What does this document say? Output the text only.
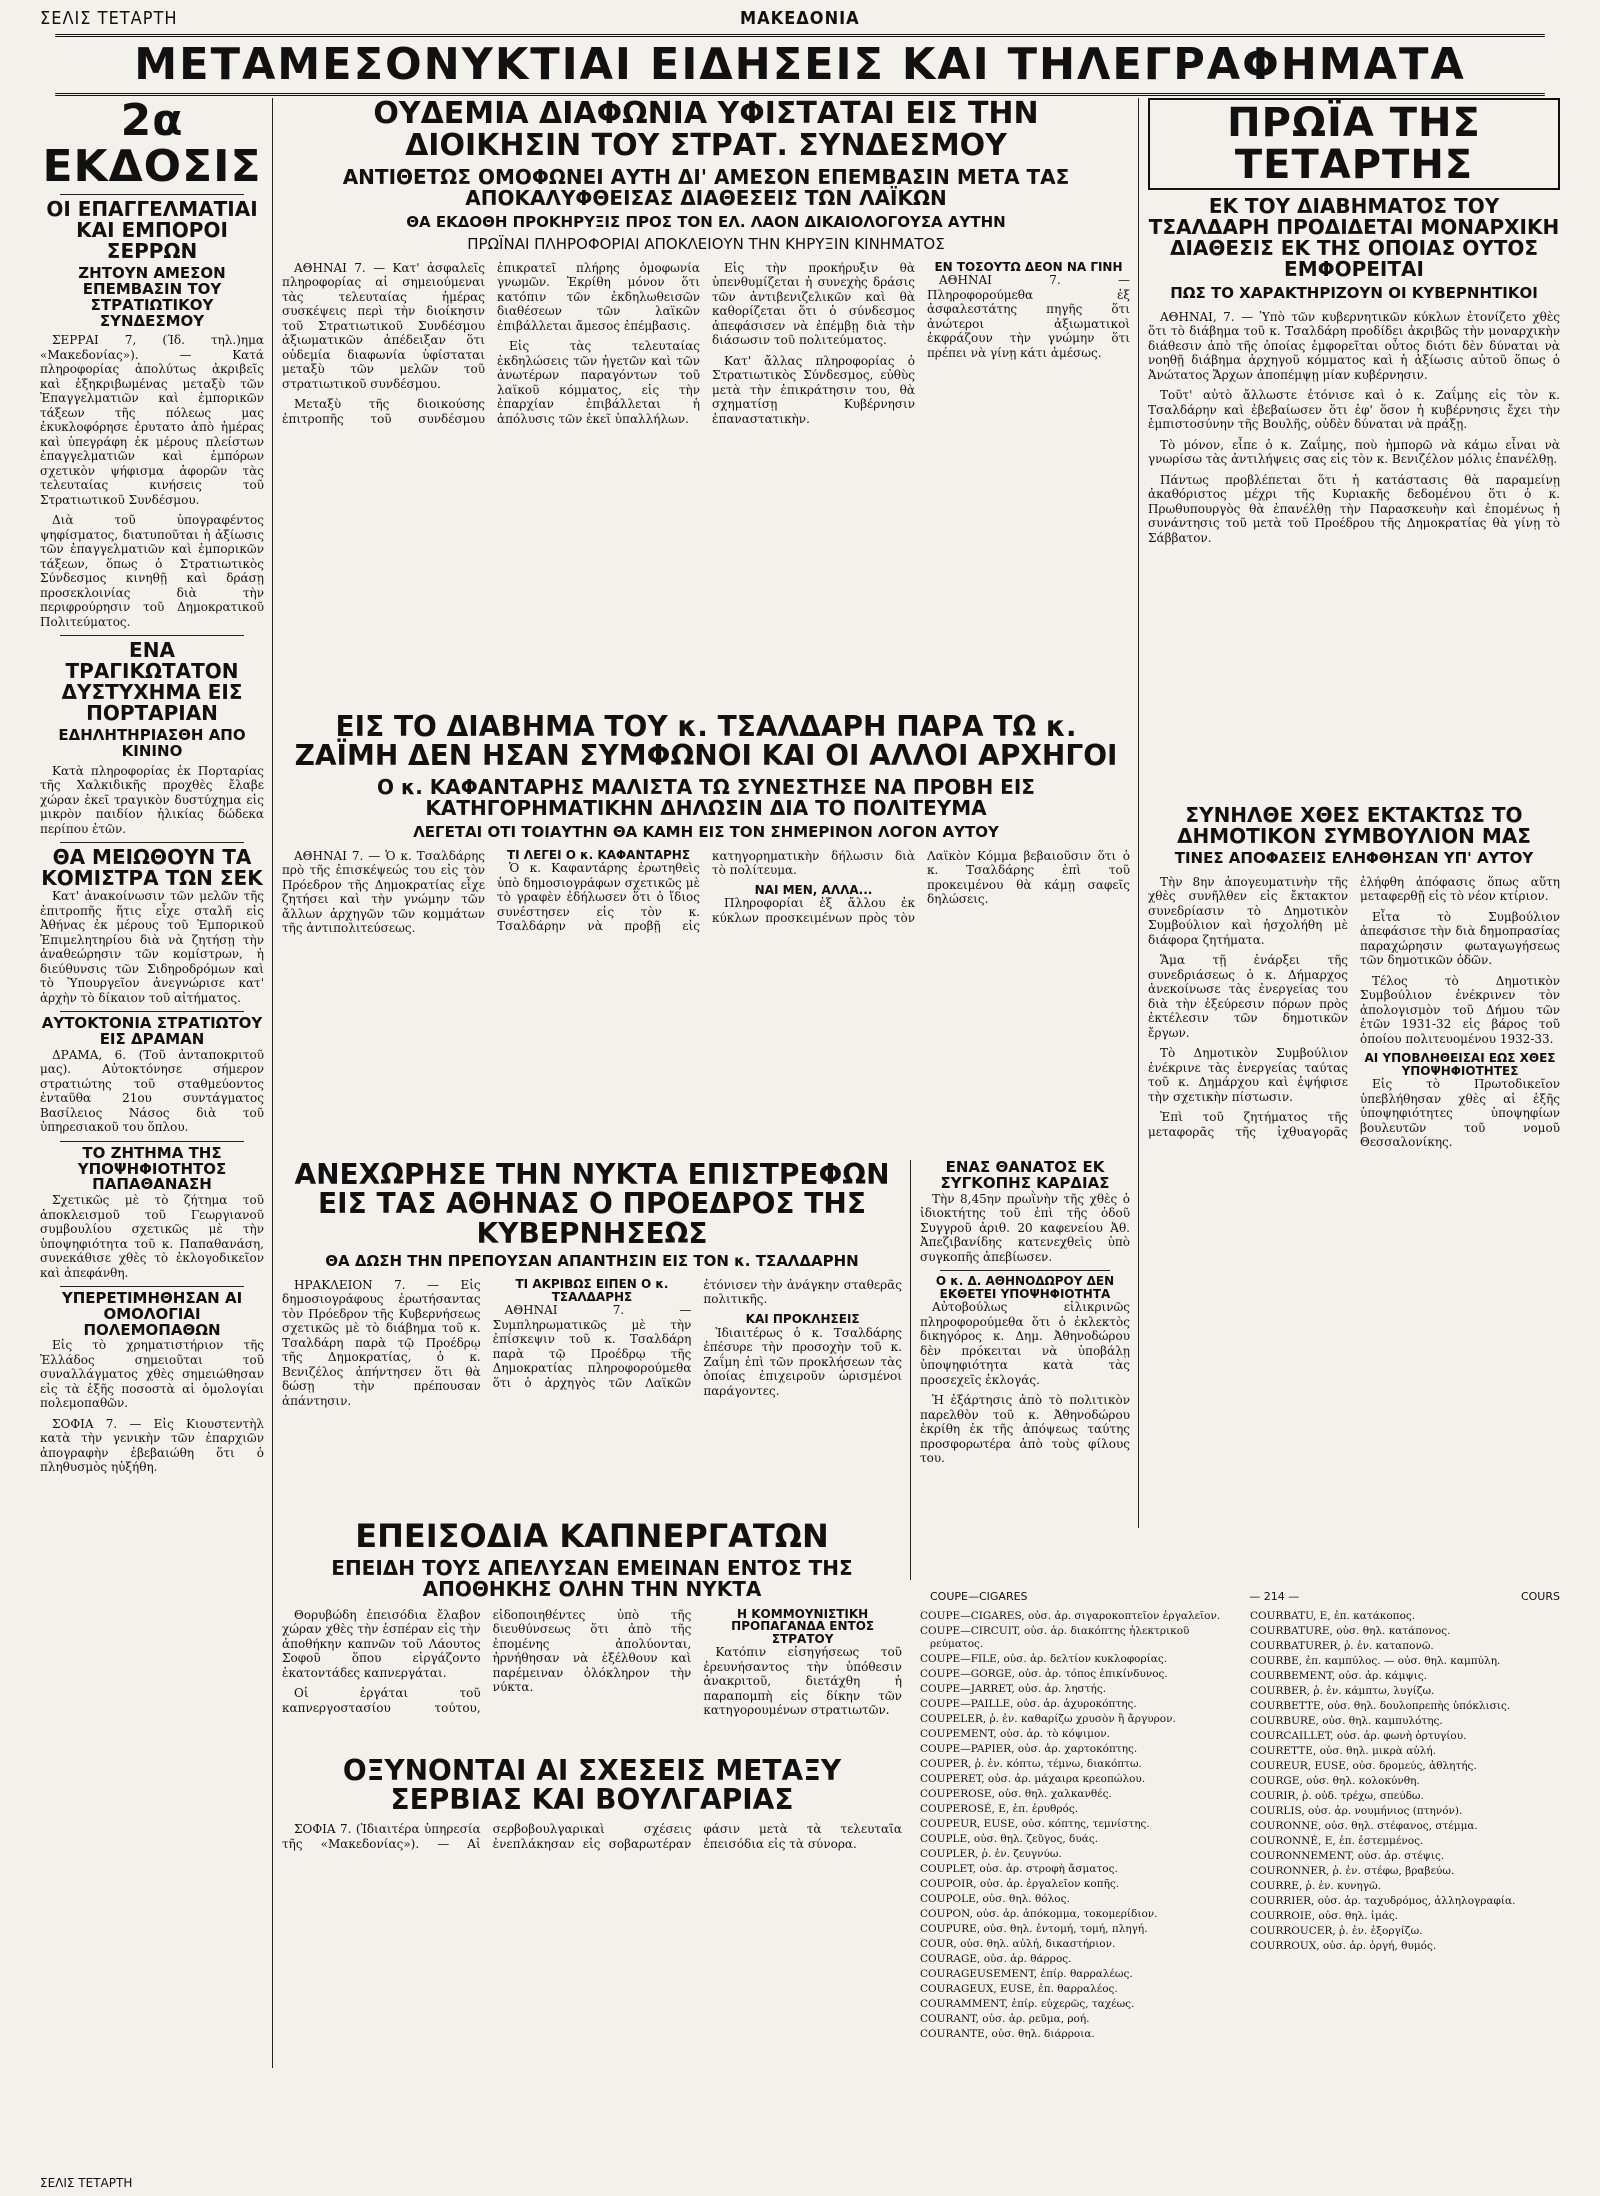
ΣΕΛΙΣ ΤΕΤΑΡΤΗ	ΜΑΚΕΔΟΝΙΑ
ΜΕΤΑΜΕΣΟΝΥΚΤΙΑΙ ΕΙΔΗΣΕΙΣ ΚΑΙ ΤΗΛΕΓΡΑΦΗΜΑΤΑ
2α ΕΚΔΟΣΙΣ
ΟΙ ΕΠΑΓΓΕΛΜΑΤΙΑΙ ΚΑΙ ΕΜΠΟΡΟΙ ΣΕΡΡΩΝ
ΖΗΤΟΥΝ ΑΜΕΣΟΝ ΕΠΕΜΒΑΣΙΝ ΤΟΥ ΣΤΡΑΤΙΩΤΙΚΟΥ ΣΥΝΔΕΣΜΟΥ

ΣΕΡΡΑΙ 7, (Ίδ. τηλ.)ημα «Μακεδονίας»). — Κατά πληροφορίας ἀπολύτως ἀκριβεῖς καὶ ἐξηκριβωμένας μεταξὺ τῶν Ἐπαγγελματιῶν καὶ ἐμπορικῶν τάξεων τῆς πόλεως μας ἐκυκλοφόρησε ἐρυτατο ἀπὸ ἡμέρας καὶ ὑπεγράφη ἐκ μέρους πλείστων ἐπαγγελματιῶν καὶ ἐμπόρων σχετικὸν ψήφισμα ἀφορῶν τὰς τελευταίας κινήσεις τοῦ Στρατιωτικοῦ Συνδέσμου.

Διὰ τοῦ ὑπογραφέντος ψηφίσματος, διατυποῦται ἡ ἀξίωσις τῶν ἐπαγγελματιῶν καὶ ἐμπορικῶν τάξεων, ὅπως ὁ Στρατιωτικὸς Σύνδεσμος κινηθῇ καὶ δράσῃ προσεκλοινίας διὰ τὴν περιφρούρησιν τοῦ Δημοκρατικοῦ Πολιτεύματος.

ΕΝΑ ΤΡΑΓΙΚΩΤΑΤΟΝ ΔΥΣΤΥΧΗΜΑ ΕΙΣ ΠΟΡΤΑΡΙΑΝ
ΕΔΗΛΗΤΗΡΙΑΣΘΗ ΑΠΟ ΚΙΝΙΝΟ

Κατὰ πληροφορίας ἐκ Πορταρίας τῆς Χαλκιδικῆς προχθὲς ἔλαβε χώραν ἐκεῖ τραγικὸν δυστύχημα εἰς μικρὸν παιδίον ἡλικίας δώδεκα περίπου ἐτῶν.

ΘΑ ΜΕΙΩΘΟΥΝ ΤΑ ΚΟΜΙΣΤΡΑ ΤΩΝ ΣΕΚ

Κατ' ἀνακοίνωσιν τῶν μελῶν τῆς ἐπιτροπῆς ἥτις εἶχε σταλῆ εἰς Ἀθήνας ἐκ μέρους τοῦ Ἐμπορικοῦ Ἐπιμελητηρίου διὰ νὰ ζητήσῃ τὴν ἀναθεώρησιν τῶν κομίστρων, ἡ διεύθυνσις τῶν Σιδηροδρόμων καὶ τὸ Ὑπουργεῖον ἀνεγνώρισε κατ' ἀρχὴν τὸ δίκαιον τοῦ αἰτήματος.

ΑΥΤΟΚΤΟΝΙΑ ΣΤΡΑΤΙΩΤΟΥ ΕΙΣ ΔΡΑΜΑΝ

ΔΡΑΜΑ, 6. (Τοῦ ἀνταποκριτοῦ μας). Αὐτοκτόνησε σήμερον στρατιώτης τοῦ σταθμεύοντος ἐνταῦθα 21ου συντάγματος Βασίλειος Νάσος διὰ τοῦ ὑπηρεσιακοῦ του ὅπλου.

ΤΟ ΖΗΤΗΜΑ ΤΗΣ ΥΠΟΨΗΦΙΟΤΗΤΟΣ ΠΑΠΑΘΑΝΑΣΗ

Σχετικῶς μὲ τὸ ζήτημα τοῦ ἀποκλεισμοῦ τοῦ Γεωργιανοῦ συμβουλίου σχετικῶς μὲ τὴν ὑποψηφιότητα τοῦ κ. Παπαθανάση, συνεκάθισε χθὲς τὸ ἐκλογοδικεῖον καὶ ἀπεφάνθη.

ΥΠΕΡΕΤΙΜΗΘΗΣΑΝ ΑΙ ΟΜΟΛΟΓΙΑΙ ΠΟΛΕΜΟΠΑΘΩΝ

Εἰς τὸ χρηματιστήριον τῆς Ἐλλάδος σημειοῦται τοῦ συναλλάγματος χθὲς σημειώθησαν εἰς τὰ ἑξῆς ποσοστὰ αἱ ὁμολογίαι πολεμοπαθῶν.

ΣΟΦΙΑ 7. — Εἰς Κιουστεντὴλ κατὰ τὴν γενικὴν τῶν ἐπαρχιῶν ἀπογραφὴν ἐβεβαιώθη ὅτι ὁ πληθυσμὸς ηὐξήθη.

ΟΥΔΕΜΙΑ ΔΙΑΦΩΝΙΑ ΥΦΙΣΤΑΤΑΙ ΕΙΣ ΤΗΝ ΔΙΟΙΚΗΣΙΝ ΤΟΥ ΣΤΡΑΤ. ΣΥΝΔΕΣΜΟΥ
ΑΝΤΙΘΕΤΩΣ ΟΜΟΦΩΝΕΙ ΑΥΤΗ ΔΙ' ΑΜΕΣΟΝ ΕΠΕΜΒΑΣΙΝ ΜΕΤΑ ΤΑΣ ΑΠΟΚΑΛΥΦΘΕΙΣΑΣ ΔΙΑΘΕΣΕΙΣ ΤΩΝ ΛΑΪΚΩΝ
ΘΑ ΕΚΔΟΘΗ ΠΡΟΚΗΡΥΞΙΣ ΠΡΟΣ ΤΟΝ ΕΛ. ΛΑΟΝ ΔΙΚΑΙΟΛΟΓΟΥΣΑ ΑΥΤΗΝ
ΠΡΩΪΝΑΙ ΠΛΗΡΟΦΟΡΙΑΙ ΑΠΟΚΛΕΙΟΥΝ ΤΗΝ ΚΗΡΥΞΙΝ ΚΙΝΗΜΑΤΟΣ

ΑΘΗΝΑΙ 7. — Κατ' ἀσφαλεῖς πληροφορίας αἱ σημειούμεναι τὰς τελευταίας ἡμέρας συσκέψεις περὶ τὴν διοίκησιν τοῦ Στρατιωτικοῦ Συνδέσμου ἀξιωματικῶν ἀπέδειξαν ὅτι οὐδεμία διαφωνία ὑφίσταται μεταξὺ τῶν μελῶν τοῦ στρατιωτικοῦ συνδέσμου.

Μεταξὺ τῆς διοικούσης ἐπιτροπῆς τοῦ συνδέσμου ἐπικρατεῖ πλήρης ὁμοφωνία γνωμῶν. Ἐκρίθη μόνον ὅτι κατόπιν τῶν ἐκδηλωθεισῶν διαθέσεων τῶν λαϊκῶν ἐπιβάλλεται ἄμεσος ἐπέμβασις.

Εἰς τὰς τελευταίας ἐκδηλώσεις τῶν ἡγετῶν καὶ τῶν ἀνωτέρων παραγόντων τοῦ λαϊκοῦ κόμματος, εἰς τὴν ἐπαρχίαν ἐπιβάλλεται ἡ ἀπόλυσις τῶν ἐκεῖ ὑπαλλήλων.

Εἰς τὴν προκήρυξιν θὰ ὑπενθυμίζεται ἡ συνεχὴς δράσις τῶν ἀντιβενιζελικῶν καὶ θὰ καθορίζεται ὅτι ὁ σύνδεσμος ἀπεφάσισεν νὰ ἐπέμβῃ διὰ τὴν διάσωσιν τοῦ πολιτεύματος.

Κατ' ἄλλας πληροφορίας ὁ Στρατιωτικὸς Σύνδεσμος, εὐθὺς μετὰ τὴν ἐπικράτησιν του, θὰ σχηματίσῃ Κυβέρνησιν ἐπαναστατικὴν.

ΕΝ ΤΟΣΟΥΤΩ ΔΕΟΝ ΝΑ ΓΙΝΗ

ΑΘΗΝΑΙ 7. — Πληροφορούμεθα ἐξ ἀσφαλεστάτης πηγῆς ὅτι ἀνώτεροι ἀξιωματικοὶ ἐκφράζουν τὴν γνώμην ὅτι πρέπει νὰ γίνῃ κάτι ἀμέσως.

ΕΙΣ ΤΟ ΔΙΑΒΗΜΑ ΤΟΥ κ. ΤΣΑΛΔΑΡΗ ΠΑΡΑ ΤΩ κ. ΖΑΪΜΗ ΔΕΝ ΗΣΑΝ ΣΥΜΦΩΝΟΙ ΚΑΙ ΟΙ ΑΛΛΟΙ ΑΡΧΗΓΟΙ
Ο κ. ΚΑΦΑΝΤΑΡΗΣ ΜΑΛΙΣΤΑ ΤΩ ΣΥΝΕΣΤΗΣΕ ΝΑ ΠΡΟΒΗ ΕΙΣ ΚΑΤΗΓΟΡΗΜΑΤΙΚΗΝ ΔΗΛΩΣΙΝ ΔΙΑ ΤΟ ΠΟΛΙΤΕΥΜΑ
ΛΕΓΕΤΑΙ ΟΤΙ ΤΟΙΑΥΤΗΝ ΘΑ ΚΑΜΗ ΕΙΣ ΤΟΝ ΣΗΜΕΡΙΝΟΝ ΛΟΓΟΝ ΑΥΤΟΥ

ΑΘΗΝΑΙ 7. — Ὁ κ. Τσαλδάρης πρὸ τῆς ἐπισκέψεώς του εἰς τὸν Πρόεδρον τῆς Δημοκρατίας εἶχε ζητήσει καὶ τὴν γνώμην τῶν ἄλλων ἀρχηγῶν τῶν κομμάτων τῆς ἀντιπολιτεύσεως.

ΤΙ ΛΕΓΕΙ Ο κ. ΚΑΦΑΝΤΑΡΗΣ

Ὁ κ. Καφαντάρης ἐρωτηθεὶς ὑπὸ δημοσιογράφων σχετικῶς μὲ τὸ γραφὲν ἐδήλωσεν ὅτι ὁ ἴδιος συνέστησεν εἰς τὸν κ. Τσαλδάρην νὰ προβῇ εἰς κατηγορηματικὴν δήλωσιν διὰ τὸ πολίτευμα.

ΝΑΙ ΜΕΝ, ΑΛΛΑ...

Πληροφορίαι ἐξ ἄλλου ἐκ κύκλων προσκειμένων πρὸς τὸν Λαϊκὸν Κόμμα βεβαιοῦσιν ὅτι ὁ κ. Τσαλδάρης ἐπὶ τοῦ προκειμένου θὰ κάμῃ σαφεῖς δηλώσεις.

ΑΝΕΧΩΡΗΣΕ ΤΗΝ ΝΥΚΤΑ ΕΠΙΣΤΡΕΦΩΝ ΕΙΣ ΤΑΣ ΑΘΗΝΑΣ Ο ΠΡΟΕΔΡΟΣ ΤΗΣ ΚΥΒΕΡΝΗΣΕΩΣ
ΘΑ ΔΩΣΗ ΤΗΝ ΠΡΕΠΟΥΣΑΝ ΑΠΑΝΤΗΣΙΝ ΕΙΣ ΤΟΝ κ. ΤΣΑΛΔΑΡΗΝ

ΗΡΑΚΛΕΙΟΝ 7. — Εἰς δημοσιογράφους ἐρωτήσαντας τὸν Πρόεδρον τῆς Κυβερνήσεως σχετικῶς μὲ τὸ διάβημα τοῦ κ. Τσαλδάρη παρὰ τῷ Προέδρῳ τῆς Δημοκρατίας, ὁ κ. Βενιζέλος ἀπήντησεν ὅτι θὰ δώσῃ τὴν πρέπουσαν ἀπάντησιν.

ΤΙ ΑΚΡΙΒΩΣ ΕΙΠΕΝ Ο κ. ΤΣΑΛΔΑΡΗΣ

ΑΘΗΝΑΙ 7. — Συμπληρωματικῶς μὲ τὴν ἐπίσκεψιν τοῦ κ. Τσαλδάρη παρὰ τῷ Προέδρῳ τῆς Δημοκρατίας πληροφορούμεθα ὅτι ὁ ἀρχηγὸς τῶν Λαϊκῶν ἐτόνισεν τὴν ἀνάγκην σταθερᾶς πολιτικῆς.

ΚΑΙ ΠΡΟΚΛΗΣΕΙΣ

Ἰδιαιτέρως ὁ κ. Τσαλδάρης ἐπέσυρε τὴν προσοχὴν τοῦ κ. Ζαΐμη ἐπὶ τῶν προκλήσεων τὰς ὁποίας ἐπιχειροῦν ὡρισμένοι παράγοντες.

ΕΝΑΣ ΘΑΝΑΤΟΣ ΕΚ ΣΥΓΚΟΠΗΣ ΚΑΡΔΙΑΣ

Τὴν 8,45ην πρωῒνὴν τῆς χθὲς ὁ ἰδιοκτήτης τοῦ ἐπὶ τῆς ὁδοῦ Συγγροῦ ἀριθ. 20 καφενείου Ἀθ. Ἀπεζιβανίδης κατενεχθεὶς ὑπὸ συγκοπῆς ἀπεβίωσεν.

Ο κ. Δ. ΑΘΗΝΟΔΩΡΟΥ ΔΕΝ ΕΚΘΕΤΕΙ ΥΠΟΨΗΦΙΟΤΗΤΑ

Αὐτοβούλως εἰλικρινῶς πληροφορούμεθα ὅτι ὁ ἐκλεκτὸς δικηγόρος κ. Δημ. Ἀθηνοδώρου δὲν πρόκειται νὰ ὑποβάλῃ ὑποψηφιότητα κατὰ τὰς προσεχεῖς ἐκλογάς.

Ἡ ἐξάρτησις ἀπὸ τὸ πολιτικὸν παρελθὸν τοῦ κ. Ἀθηνοδώρου ἐκρίθη ἐκ τῆς ἀπόψεως ταύτης προσφορωτέρα ἀπὸ τοὺς φίλους του.

ΕΠΕΙΣΟΔΙΑ ΚΑΠΝΕΡΓΑΤΩΝ
ΕΠΕΙΔΗ ΤΟΥΣ ΑΠΕΛΥΣΑΝ ΕΜΕΙΝΑΝ ΕΝΤΟΣ ΤΗΣ ΑΠΟΘΗΚΗΣ ΟΛΗΝ ΤΗΝ ΝΥΚΤΑ

Θορυβώδη ἐπεισόδια ἔλαβον χώραν χθὲς τὴν ἑσπέραν εἰς τὴν ἀποθήκην καπνῶν τοῦ Λάουτος Σοφοῦ ὅπου εἰργάζοντο ἑκατοντάδες καπνεργάται.

Οἱ ἐργάται τοῦ καπνεργοστασίου τούτου, εἰδοποιηθέντες ὑπὸ τῆς διευθύνσεως ὅτι ἀπὸ τῆς ἐπομένης ἀπολύονται, ἠρνήθησαν νὰ ἐξέλθουν καὶ παρέμειναν ὁλόκληρον τὴν νύκτα.

Η ΚΟΜΜΟΥΝΙΣΤΙΚΗ ΠΡΟΠΑΓΑΝΔΑ ΕΝΤΟΣ ΣΤΡΑΤΟΥ

Κατόπιν εἰσηγήσεως τοῦ ἐρευνήσαντος τὴν ὑπόθεσιν ἀνακριτοῦ, διετάχθη ἡ παραπομπὴ εἰς δίκην τῶν κατηγορουμένων στρατιωτῶν.

ΟΞΥΝΟΝΤΑΙ ΑΙ ΣΧΕΣΕΙΣ ΜΕΤΑΞΥ ΣΕΡΒΙΑΣ ΚΑΙ ΒΟΥΛΓΑΡΙΑΣ

ΣΟΦΙΑ 7. (Ἰδιαιτέρα ὑπηρεσία τῆς «Μακεδονίας»). — Αἱ σερβοβουλγαρικαὶ σχέσεις ἐνεπλάκησαν εἰς σοβαρωτέραν φάσιν μετὰ τὰ τελευταῖα ἐπεισόδια εἰς τὰ σύνορα.

ΠΡΩΪΑ ΤΗΣ ΤΕΤΑΡΤΗΣ
ΕΚ ΤΟΥ ΔΙΑΒΗΜΑΤΟΣ ΤΟΥ ΤΣΑΛΔΑΡΗ ΠΡΟΔΙΔΕΤΑΙ ΜΟΝΑΡΧΙΚΗ ΔΙΑΘΕΣΙΣ ΕΚ ΤΗΣ ΟΠΟΙΑΣ ΟΥΤΟΣ ΕΜΦΟΡΕΙΤΑΙ
ΠΩΣ ΤΟ ΧΑΡΑΚΤΗΡΙΖΟΥΝ ΟΙ ΚΥΒΕΡΝΗΤΙΚΟΙ

ΑΘΗΝΑΙ, 7. — Ὑπὸ τῶν κυβερνητικῶν κύκλων ἐτονίζετο χθὲς ὅτι τὸ διάβημα τοῦ κ. Τσαλδάρη προδίδει ἀκριβῶς τὴν μοναρχικὴν διάθεσιν ἀπὸ τῆς ὁποίας ἐμφορεῖται οὗτος διότι δὲν δύναται νὰ νοηθῇ διάβημα ἀρχηγοῦ κόμματος καὶ ἡ ἀξίωσις αὐτοῦ ὅπως ὁ Ἀνώτατος Ἄρχων ἀποπέμψῃ μίαν κυβέρνησιν.

Τοῦτ' αὐτὸ ἄλλωστε ἐτόνισε καὶ ὁ κ. Ζαΐμης εἰς τὸν κ. Τσαλδάρην καὶ ἐβεβαίωσεν ὅτι ἐφ' ὅσον ἡ κυβέρνησις ἔχει τὴν ἐμπιστοσύνην τῆς Βουλῆς, οὐδὲν δύναται νὰ πράξῃ.

Τὸ μόνον, εἶπε ὁ κ. Ζαΐμης, ποὺ ἠμπορῶ νὰ κάμω εἶναι νὰ γνωρίσω τὰς ἀντιλήψεις σας εἰς τὸν κ. Βενιζέλον μόλις ἐπανέλθῃ.

Πάντως προβλέπεται ὅτι ἡ κατάστασις θὰ παραμείνῃ ἀκαθόριστος μέχρι τῆς Κυριακῆς δεδομένου ὅτι ὁ κ. Πρωθυπουργὸς θὰ ἐπανέλθῃ τὴν Παρασκευὴν καὶ ἐπομένως ἡ συνάντησις τοῦ μετὰ τοῦ Προέδρου τῆς Δημοκρατίας θὰ γίνῃ τὸ Σάββατον.

ΣΥΝΗΛΘΕ ΧΘΕΣ ΕΚΤΑΚΤΩΣ ΤΟ ΔΗΜΟΤΙΚΟΝ ΣΥΜΒΟΥΛΙΟΝ ΜΑΣ
ΤΙΝΕΣ ΑΠΟΦΑΣΕΙΣ ΕΛΗΦΘΗΣΑΝ ΥΠ' ΑΥΤΟΥ

Τὴν 8ην ἀπογευματινὴν τῆς χθὲς συνῆλθεν εἰς ἔκτακτον συνεδρίασιν τὸ Δημοτικὸν Συμβούλιον καὶ ἠσχολήθη μὲ διάφορα ζητήματα.

Ἅμα τῇ ἐνάρξει τῆς συνεδριάσεως ὁ κ. Δήμαρχος ἀνεκοίνωσε τὰς ἐνεργείας του διὰ τὴν ἐξεύρεσιν πόρων πρὸς ἐκτέλεσιν τῶν δημοτικῶν ἔργων.

Τὸ Δημοτικὸν Συμβούλιον ἐνέκρινε τὰς ἐνεργείας ταύτας τοῦ κ. Δημάρχου καὶ ἐψήφισε τὴν σχετικὴν πίστωσιν.

Ἐπὶ τοῦ ζητήματος τῆς μεταφορᾶς τῆς ἰχθυαγορᾶς ἐλήφθη ἀπόφασις ὅπως αὕτη μεταφερθῇ εἰς τὸ νέον κτίριον.

Εἶτα τὸ Συμβούλιον ἀπεφάσισε τὴν διὰ δημοπρασίας παραχώρησιν φωταγωγήσεως τῶν δημοτικῶν ὁδῶν.

Τέλος τὸ Δημοτικὸν Συμβούλιον ἐνέκρινεν τὸν ἀπολογισμὸν τοῦ Δήμου τῶν ἐτῶν 1931-32 εἰς βάρος τοῦ ὁποίου πολιτευομένου 1932-33.

ΑΙ ΥΠΟΒΛΗΘΕΙΣΑΙ ΕΩΣ ΧΘΕΣ ΥΠΟΨΗΦΙΟΤΗΤΕΣ

Εἰς τὸ Πρωτοδικεῖον ὑπεβλήθησαν χθὲς αἱ ἑξῆς ὑποψηφιότητες ὑποψηφίων βουλευτῶν τοῦ νομοῦ Θεσσαλονίκης.

COUPE—CIGARES	— 214 —	COURS
COUPE—CIGARES, οὐσ. ἀρ. σιγαροκοπτεῖον ἐργαλεῖον.
COUPE—CIRCUIT, οὐσ. ἀρ. διακόπτης ἠλεκτρικοῦ ρεύματος.
COUPE—FILE, οὐσ. ἀρ. δελτίον κυκλοφορίας.
COUPE—GORGE, οὐσ. ἀρ. τόπος ἐπικίνδυνος.
COUPE—JARRET, οὐσ. ἀρ. ληστής.
COUPE—PAILLE, οὐσ. ἀρ. ἀχυροκόπτης.
COUPELER, ῥ. ἐν. καθαρίζω χρυσὸν ἢ ἄργυρον.
COUPEMENT, οὐσ. ἀρ. τὸ κόψιμον.
COUPE—PAPIER, οὐσ. ἀρ. χαρτοκόπτης.
COUPER, ῥ. ἐν. κόπτω, τέμνω, διακόπτω.
COUPERET, οὐσ. ἀρ. μάχαιρα κρεοπώλου.
COUPEROSE, οὐσ. θηλ. χαλκανθές.
COUPEROSÉ, E, ἐπ. ἐρυθρός.
COUPEUR, EUSE, οὐσ. κόπτης, τεμνίστης.
COUPLE, οὐσ. θηλ. ζεῦγος, δυάς.
COUPLER, ῥ. ἐν. ζευγνύω.
COUPLET, οὐσ. ἀρ. στροφὴ ἄσματος.
COUPOIR, οὐσ. ἀρ. ἐργαλεῖον κοπῆς.
COUPOLE, οὐσ. θηλ. θόλος.
COUPON, οὐσ. ἀρ. ἀπόκομμα, τοκομερίδιον.
COUPURE, οὐσ. θηλ. ἐντομή, τομή, πληγή.
COUR, οὐσ. θηλ. αὐλή, δικαστήριον.
COURAGE, οὐσ. ἀρ. θάρρος.
COURAGEUSEMENT, ἐπίρ. θαρραλέως.
COURAGEUX, EUSE, ἐπ. θαρραλέος.
COURAMMENT, ἐπίρ. εὐχερῶς, ταχέως.
COURANT, οὐσ. ἀρ. ρεῦμα, ροή.
COURANTE, οὐσ. θηλ. διάρροια.
COURBATU, E, ἐπ. κατάκοπος.
COURBATURE, οὐσ. θηλ. κατάπονος.
COURBATURER, ῥ. ἐν. καταπονῶ.
COURBE, ἐπ. καμπύλος. — οὐσ. θηλ. καμπύλη.
COURBEMENT, οὐσ. ἀρ. κάμψις.
COURBER, ῥ. ἐν. κάμπτω, λυγίζω.
COURBETTE, οὐσ. θηλ. δουλοπρεπὴς ὑπόκλισις.
COURBURE, οὐσ. θηλ. καμπυλότης.
COURCAILLET, οὐσ. ἀρ. φωνὴ ὀρτυγίου.
COURETTE, οὐσ. θηλ. μικρὰ αὐλή.
COUREUR, EUSE, οὐσ. δρομεύς, ἀθλητής.
COURGE, οὐσ. θηλ. κολοκύνθη.
COURIR, ῥ. οὐδ. τρέχω, σπεύδω.
COURLIS, οὐσ. ἀρ. νουμήνιος (πτηνόν).
COURONNE, οὐσ. θηλ. στέφανος, στέμμα.
COURONNÉ, E, ἐπ. ἐστεμμένος.
COURONNEMENT, οὐσ. ἀρ. στέψις.
COURONNER, ῥ. ἐν. στέφω, βραβεύω.
COURRE, ῥ. ἐν. κυνηγῶ.
COURRIER, οὐσ. ἀρ. ταχυδρόμος, ἀλληλογραφία.
COURROIE, οὐσ. θηλ. ἱμάς.
COURROUCER, ῥ. ἐν. ἐξοργίζω.
COURROUX, οὐσ. ἀρ. ὀργή, θυμός.
ΣΕΛΙΣ ΤΕΤΑΡΤΗ
